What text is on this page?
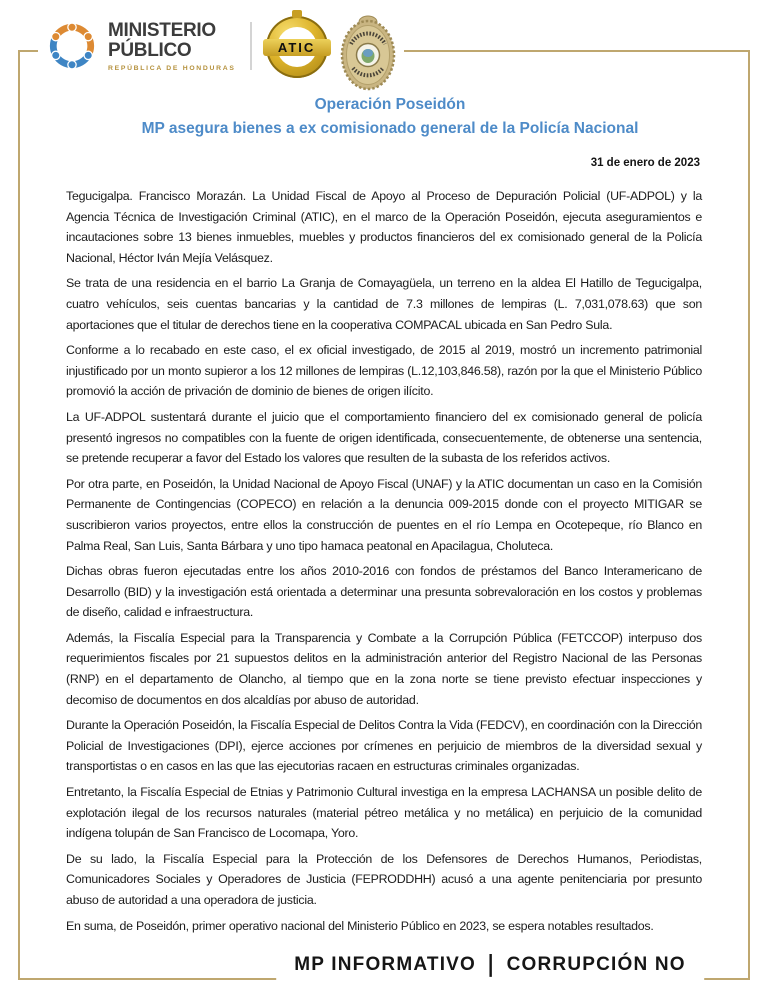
MINISTERIO
PÚBLICO
REPÚBLICA DE HONDURAS
ATIC
Operación Poseidón
MP asegura bienes a ex comisionado general de la Policía Nacional
31 de enero de 2023

Tegucigalpa. Francisco Morazán. La Unidad Fiscal de Apoyo al Proceso de Depuración Policial (UF-ADPOL) y la Agencia Técnica de Investigación Criminal (ATIC), en el marco de la Operación Poseidón, ejecuta aseguramientos e incautaciones sobre 13 bienes inmuebles, muebles y productos financieros del ex comisionado general de la Policía Nacional, Héctor Iván Mejía Velásquez.

Se trata de una residencia en el barrio La Granja de Comayagüela, un terreno en la aldea El Hatillo de Tegucigalpa, cuatro vehículos, seis cuentas bancarias y la cantidad de 7.3 millones de lempiras (L. 7,031,078.63) que son aportaciones que el titular de derechos tiene en la cooperativa COMPACAL ubicada en San Pedro Sula.

Conforme a lo recabado en este caso, el ex oficial investigado, de 2015 al 2019, mostró un incremento patrimonial injustificado por un monto supieror a los 12 millones de lempiras (L.12,103,846.58), razón por la que el Ministerio Público promovió la acción de privación de dominio de bienes de origen ilícito.

La UF-ADPOL sustentará durante el juicio que el comportamiento financiero del ex comisionado general de policía presentó ingresos no compatibles con la fuente de origen identificada, consecuentemente, de obtenerse una sentencia, se pretende recuperar a favor del Estado los valores que resulten de la subasta de los referidos activos.

Por otra parte, en Poseidón, la Unidad Nacional de Apoyo Fiscal (UNAF) y la ATIC documentan un caso en la Comisión Permanente de Contingencias (COPECO) en relación a la denuncia 009-2015 donde con el proyecto MITIGAR se suscribieron varios proyectos, entre ellos la construcción de puentes en el río Lempa en Ocotepeque, río Blanco en Palma Real, San Luis, Santa Bárbara y uno tipo hamaca peatonal en Apacilagua, Choluteca.

Dichas obras fueron ejecutadas entre los años 2010-2016 con fondos de préstamos del Banco Interamericano de Desarrollo (BID) y la investigación está orientada a determinar una presunta sobrevaloración en los costos y problemas de diseño, calidad e infraestructura.

Además, la Fiscalía Especial para la Transparencia y Combate a la Corrupción Pública (FETCCOP) interpuso dos requerimientos fiscales por 21 supuestos delitos en la administración anterior del Registro Nacional de las Personas (RNP) en el departamento de Olancho, al tiempo que en la zona norte se tiene previsto efectuar inspecciones y decomiso de documentos en dos alcaldías por abuso de autoridad.

Durante la Operación Poseidón, la Fiscalía Especial de Delitos Contra la Vida (FEDCV), en coordinación con la Dirección Policial de Investigaciones (DPI), ejerce acciones por crímenes en perjuicio de miembros de la diversidad sexual y transportistas o en casos en las que las ejecutorias racaen en estructuras criminales organizadas.

Entretanto, la Fiscalía Especial de Etnias y Patrimonio Cultural investiga en la empresa LACHANSA un posible delito de explotación ilegal de los recursos naturales (material pétreo metálica y no metálica) en perjuicio de la comunidad indígena tolupán de San Francisco de Locomapa, Yoro.

De su lado, la Fiscalía Especial para la Protección de los Defensores de Derechos Humanos, Periodistas, Comunicadores Sociales y Operadores de Justicia (FEPRODDHH) acusó a una agente penitenciaria por presunto abuso de autoridad a una operadora de justicia.

En suma, de Poseidón, primer operativo nacional del Ministerio Público en 2023, se espera notables resultados.

MP INFORMATIVO | CORRUPCIÓN NO
